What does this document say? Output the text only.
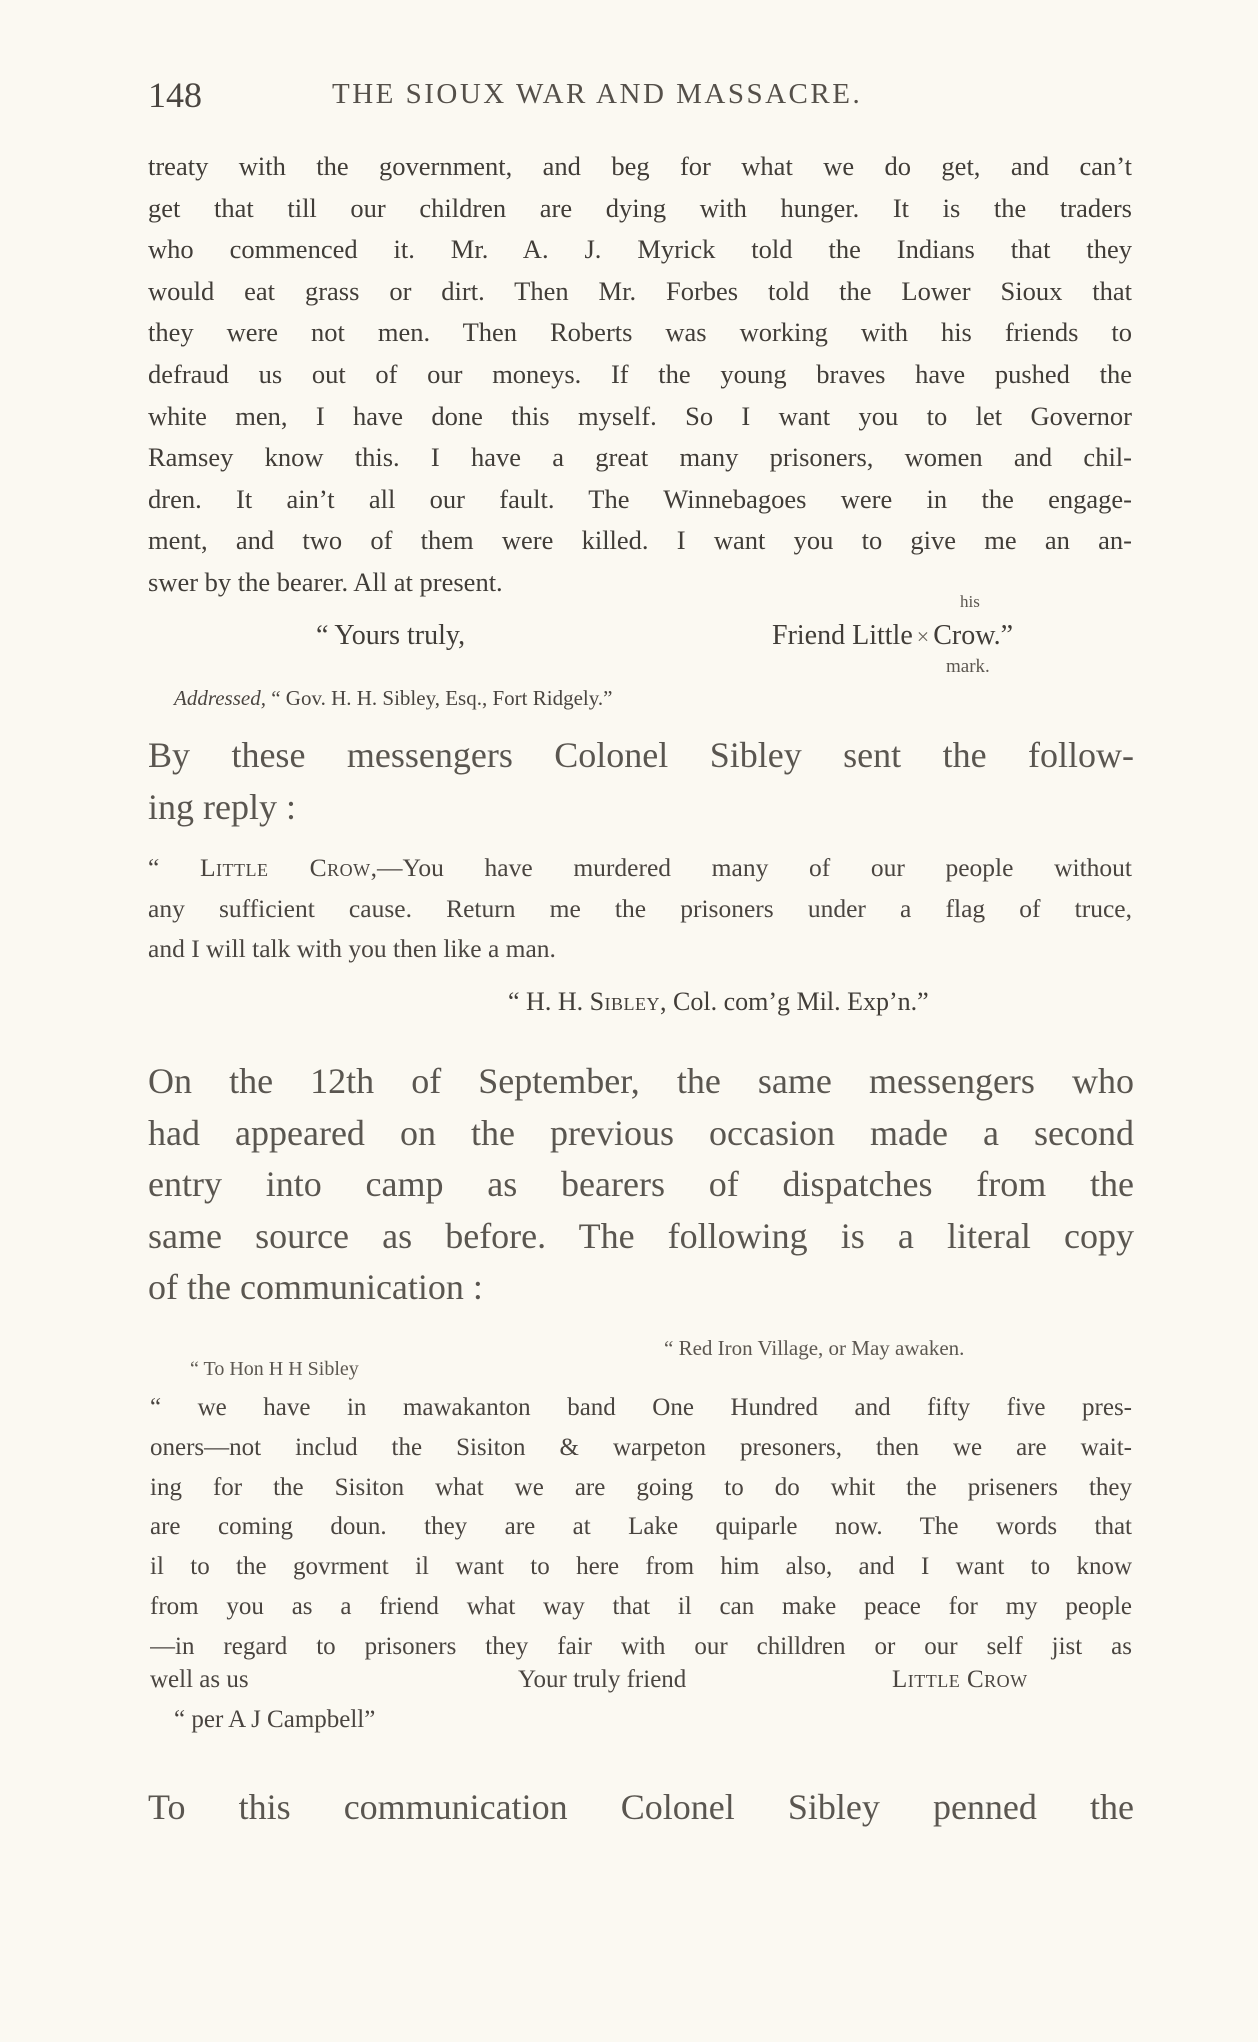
148	THE SIOUX WAR AND MASSACRE.
treaty with the government, and beg for what we do get, and can’t
get that till our children are dying with hunger. It is the traders
who commenced it. Mr. A. J. Myrick told the Indians that they
would eat grass or dirt. Then Mr. Forbes told the Lower Sioux that
they were not men. Then Roberts was working with his friends to
defraud us out of our moneys. If the young braves have pushed the
white men, I have done this myself. So I want you to let Governor
Ramsey know this. I have a great many prisoners, women and chil-
dren. It ain’t all our fault. The Winnebagoes were in the engage-
ment, and two of them were killed. I want you to give me an an-
swer by the bearer. All at present.
his
“ Yours truly,	Friend Little × Crow.”
mark.
Addressed, “ Gov. H. H. Sibley, Esq., Fort Ridgely.”
By these messengers Colonel Sibley sent the follow-
ing reply :
“ Little Crow,—You have murdered many of our people without
any sufficient cause. Return me the prisoners under a flag of truce,
and I will talk with you then like a man.
“ H. H. Sibley, Col. com’g Mil. Exp’n.”
On the 12th of September, the same messengers who
had appeared on the previous occasion made a second
entry into camp as bearers of dispatches from the
same source as before. The following is a literal copy
of the communication :
“ Red Iron Village, or May awaken.
“ To Hon H H Sibley
“ we have in mawakanton band One Hundred and fifty five pres-
oners—not includ the Sisiton & warpeton presoners, then we are wait-
ing for the Sisiton what we are going to do whit the priseners they
are coming doun. they are at Lake quiparle now. The words that
il to the govrment il want to here from him also, and I want to know
from you as a friend what way that il can make peace for my people
—in regard to prisoners they fair with our chilldren or our self jist as
well as us	Your truly friend	Little Crow
“ per A J Campbell”
To this communication Colonel Sibley penned the
